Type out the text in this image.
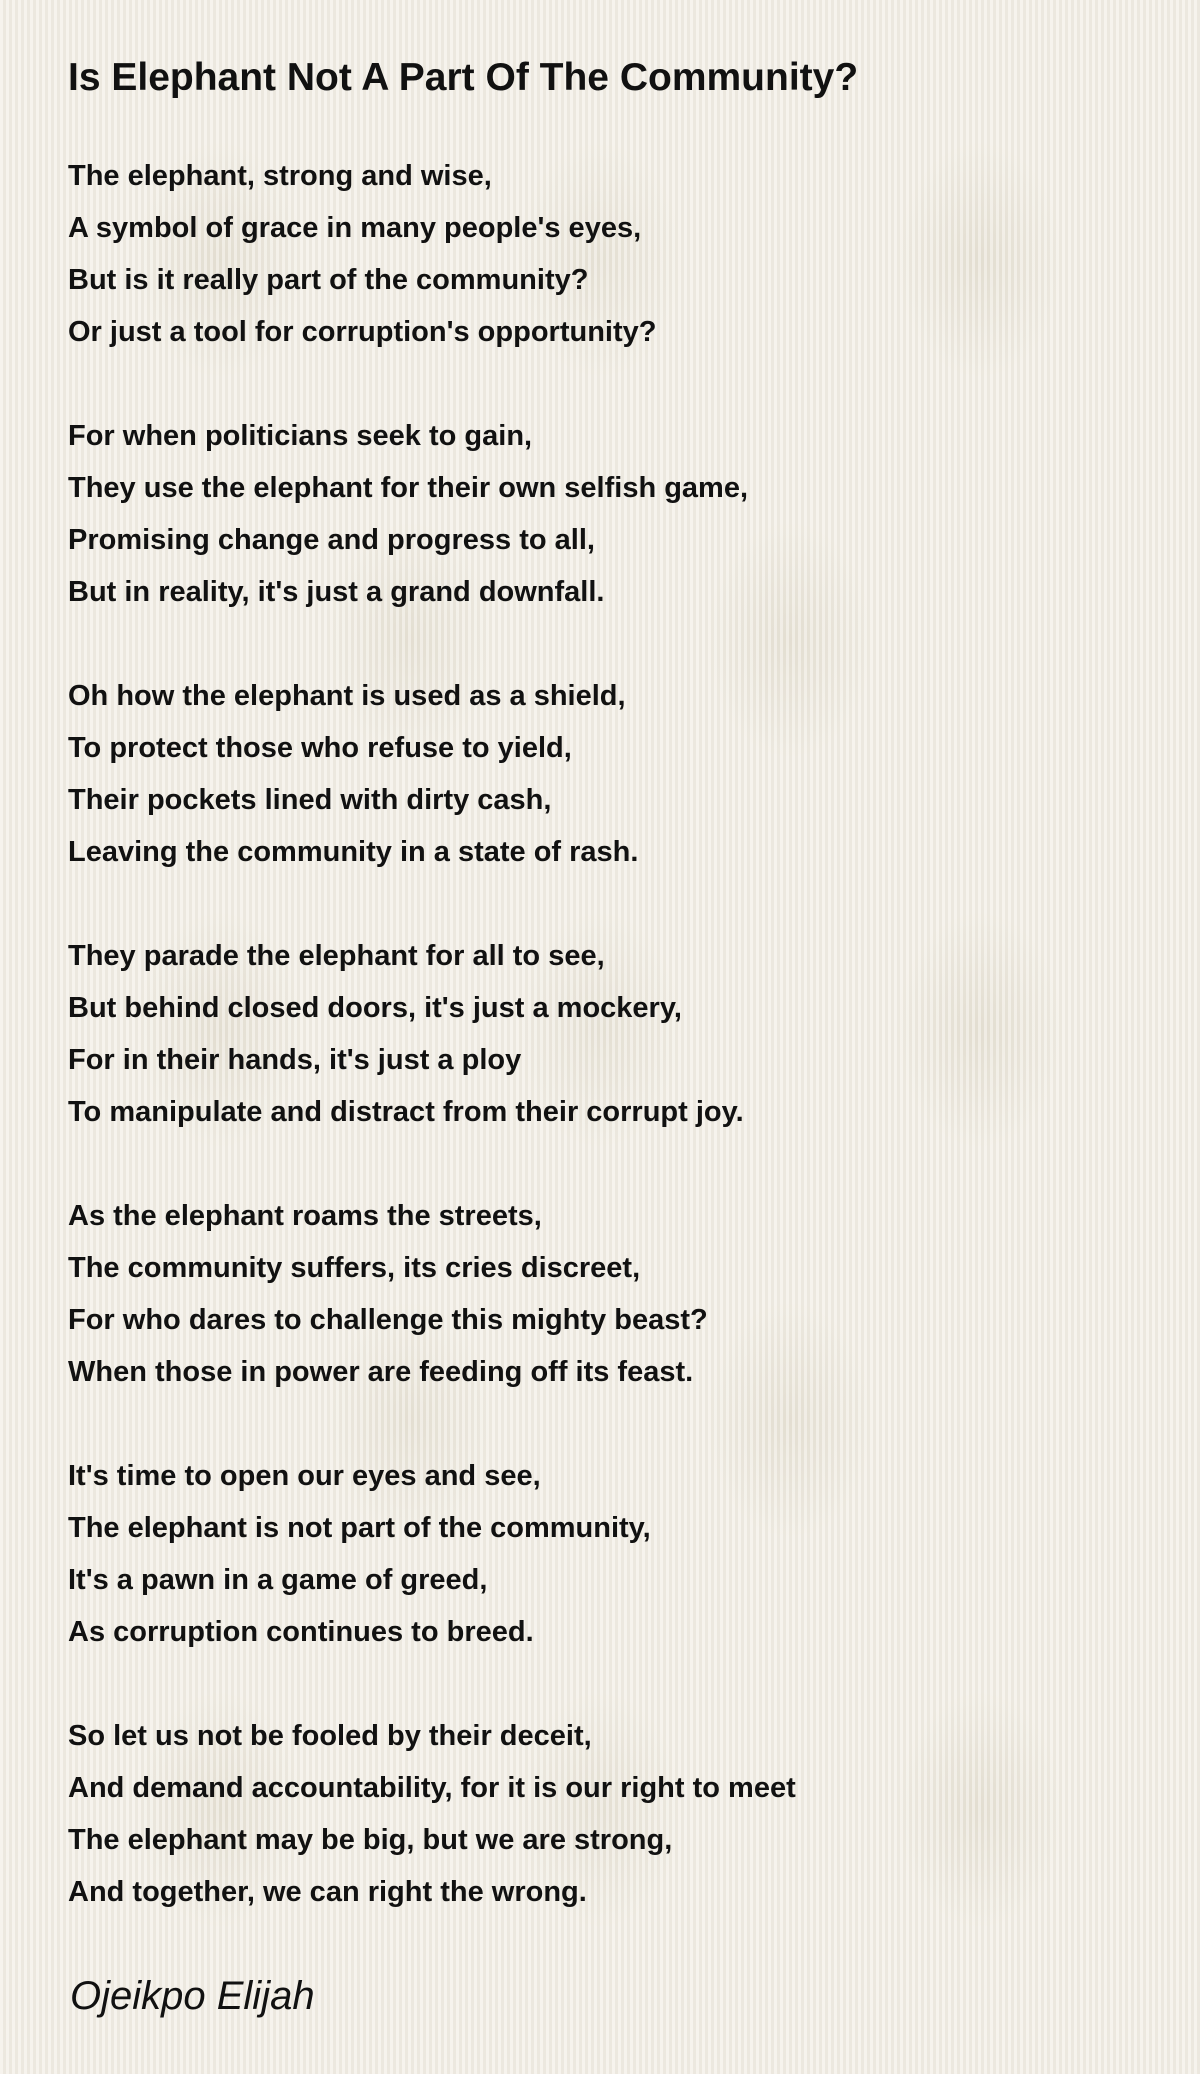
Is Elephant Not A Part Of The Community?
The elephant, strong and wise,
A symbol of grace in many people's eyes,
But is it really part of the community?
Or just a tool for corruption's opportunity?
For when politicians seek to gain,
They use the elephant for their own selfish game,
Promising change and progress to all,
But in reality, it's just a grand downfall.
Oh how the elephant is used as a shield,
To protect those who refuse to yield,
Their pockets lined with dirty cash,
Leaving the community in a state of rash.
They parade the elephant for all to see,
But behind closed doors, it's just a mockery,
For in their hands, it's just a ploy
To manipulate and distract from their corrupt joy.
As the elephant roams the streets,
The community suffers, its cries discreet,
For who dares to challenge this mighty beast?
When those in power are feeding off its feast.
It's time to open our eyes and see,
The elephant is not part of the community,
It's a pawn in a game of greed,
As corruption continues to breed.
So let us not be fooled by their deceit,
And demand accountability, for it is our right to meet
The elephant may be big, but we are strong,
And together, we can right the wrong.
Ojeikpo Elijah
